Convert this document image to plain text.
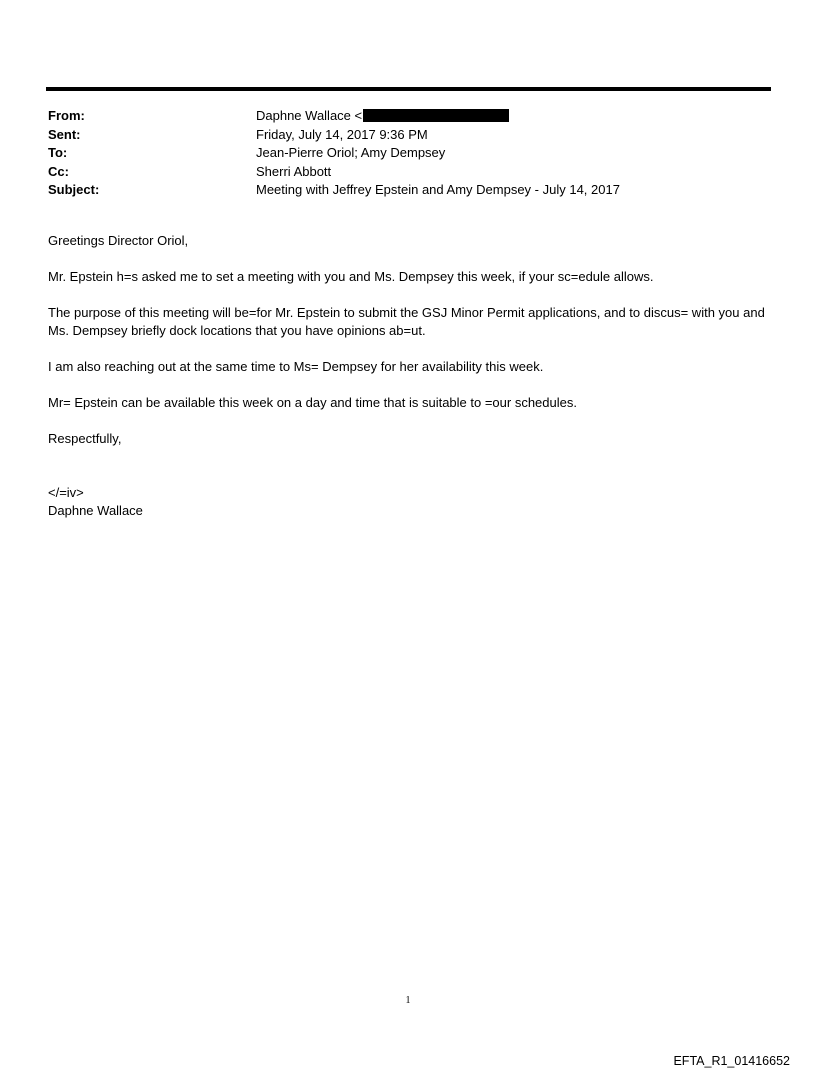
From:	Daphne Wallace <
Sent:	Friday, July 14, 2017 9:36 PM
To:	Jean-Pierre Oriol; Amy Dempsey
Cc:	Sherri Abbott
Subject:	Meeting with Jeffrey Epstein and Amy Dempsey - July 14, 2017

Greetings Director Oriol,

Mr. Epstein h=s asked me to set a meeting with you and Ms. Dempsey this week, if your sc=edule allows.

The purpose of this meeting will be=for Mr. Epstein to submit the GSJ Minor Permit applications, and to discus= with you and Ms. Dempsey briefly dock locations that you have opinions ab=ut.

I am also reaching out at the same time to Ms= Dempsey for her availability this week.

Mr= Epstein can be available this week on a day and time that is suitable to =our schedules.

Respectfully,

</=iv>

Daphne Wallace

1
EFTA_R1_01416652
